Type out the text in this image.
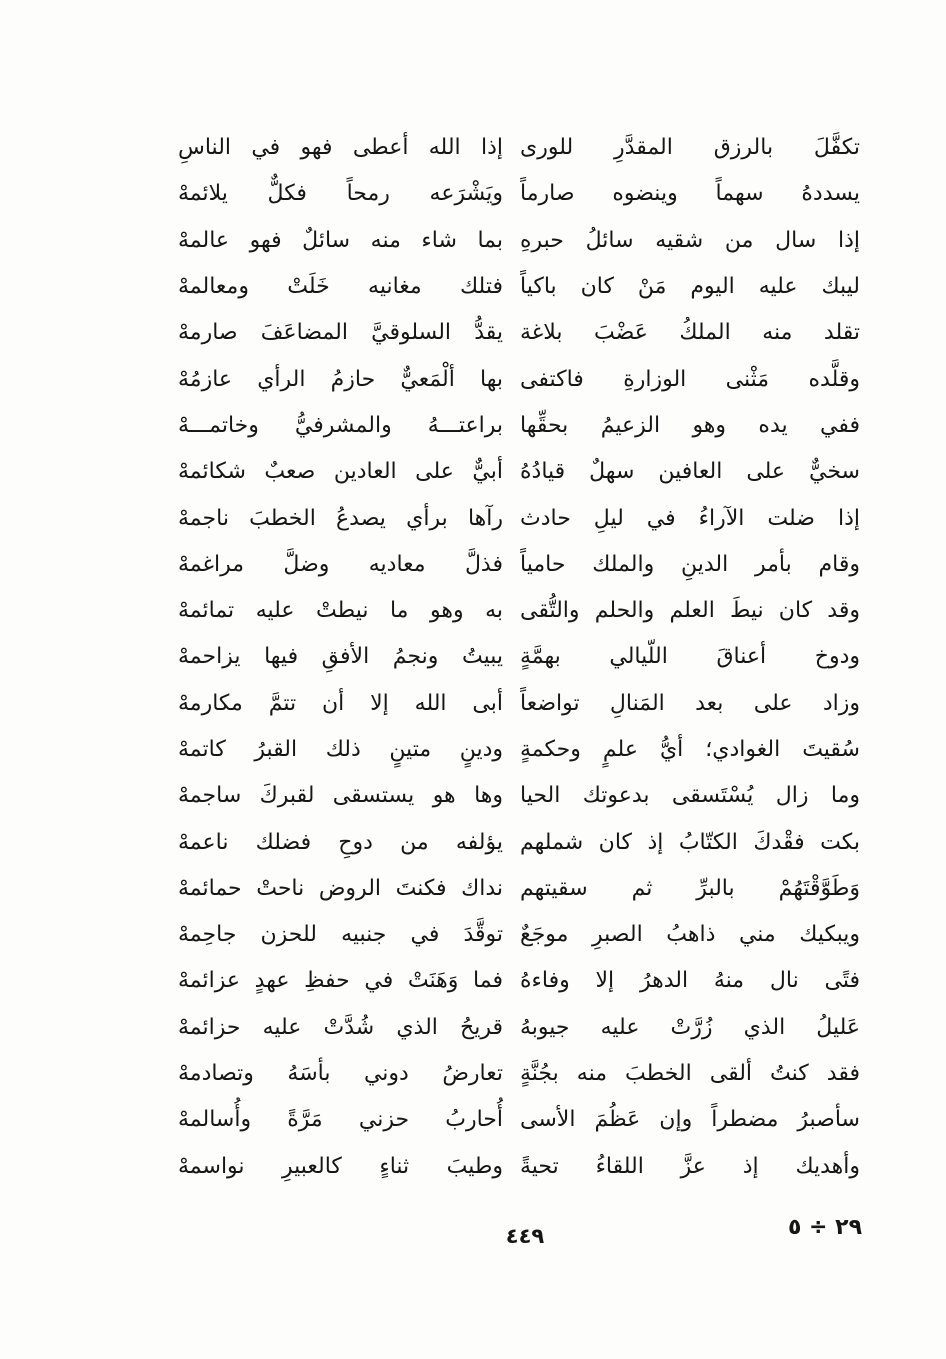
تكفَّلَ بالرزق المقدَّرِ للورى
إذا الله أعطى فهو في الناسِ
يسددهُ سهماً وينضوه صارماً
ويَشْرَعه رمحاً فكلٌّ يلائمهْ
إذا سال من شقيه سائلُ حبرهِ
بما شاء منه سائلٌ فهو عالمهْ
ليبك عليه اليوم مَنْ كان باكياً
فتلك مغانيه خَلَتْ ومعالمهْ
تقلد منه الملكُ عَضْبَ بلاغة
يقدُّ السلوقيَّ المضاعَفَ صارمهْ
وقلَّده مَثْنى الوزارةِ فاكتفى
بها ألْمَعيٌّ حازمُ الرأي عازمُهْ
ففي يده وهو الزعيمُ بحقِّها
براعتـــهُ والمشرفيُّ وخاتمـــهْ
سخيٌّ على العافين سهلٌ قيادُهُ
أبيٌّ على العادين صعبٌ شكائمهْ
إذا ضلت الآراءُ في ليلِ حادث
رآها برأي يصدعُ الخطبَ ناجمهْ
وقام بأمر الدينِ والملك حامياً
فذلَّ معاديه وضلَّ مراغمهْ
وقد كان نيطَ العلم والحلم والتُّقى
به وهو ما نيطتْ عليه تمائمهْ
ودوخ أعناقَ اللّيالي بهمَّةٍ
يبيتُ ونجمُ الأفقِ فيها يزاحمهْ
وزاد على بعد المَنالِ تواضعاً
أبى الله إلا أن تتمَّ مكارمهْ
سُقيتَ الغوادي؛ أيُّ علمٍ وحكمةٍ
ودينٍ متينٍ ذلك القبرُ كاتمهْ
وما زال يُسْتَسقى بدعوتك الحيا
وها هو يستسقى لقبركَ ساجمهْ
بكت فقْدكَ الكتّابُ إذ كان شملهم
يؤلفه من دوحِ فضلك ناعمهْ
وَطَوَّقْتَهُمْ بالبرِّ ثم سقيتهم
نداك فكنتَ الروض ناحتْ حمائمهْ
ويبكيك مني ذاهبُ الصبرِ موجَعٌ
توقَّدَ في جنبيه للحزن جاحِمهْ
فتًى نال منهُ الدهرُ إلا وفاءهُ
فما وَهَنَتْ في حفظِ عهدٍ عزائمهْ
عَليلُ الذي زُرَّتْ عليه جيوبهُ
قريحُ الذي شُدَّتْ عليه حزائمهْ
فقد كنتُ ألقى الخطبَ منه بجُنَّةٍ
تعارضُ دوني بأسَهُ وتصادمهْ
سأصبرُ مضطراً وإن عَظُمَ الأسى
أُحاربُ حزني مَرَّةً وأُسالمهْ
وأهديك إذ عزَّ اللقاءُ تحيةً
وطيبَ ثناءٍ كالعبيرِ نواسمهْ
٤٤٩	٢٩ ÷ ٥
